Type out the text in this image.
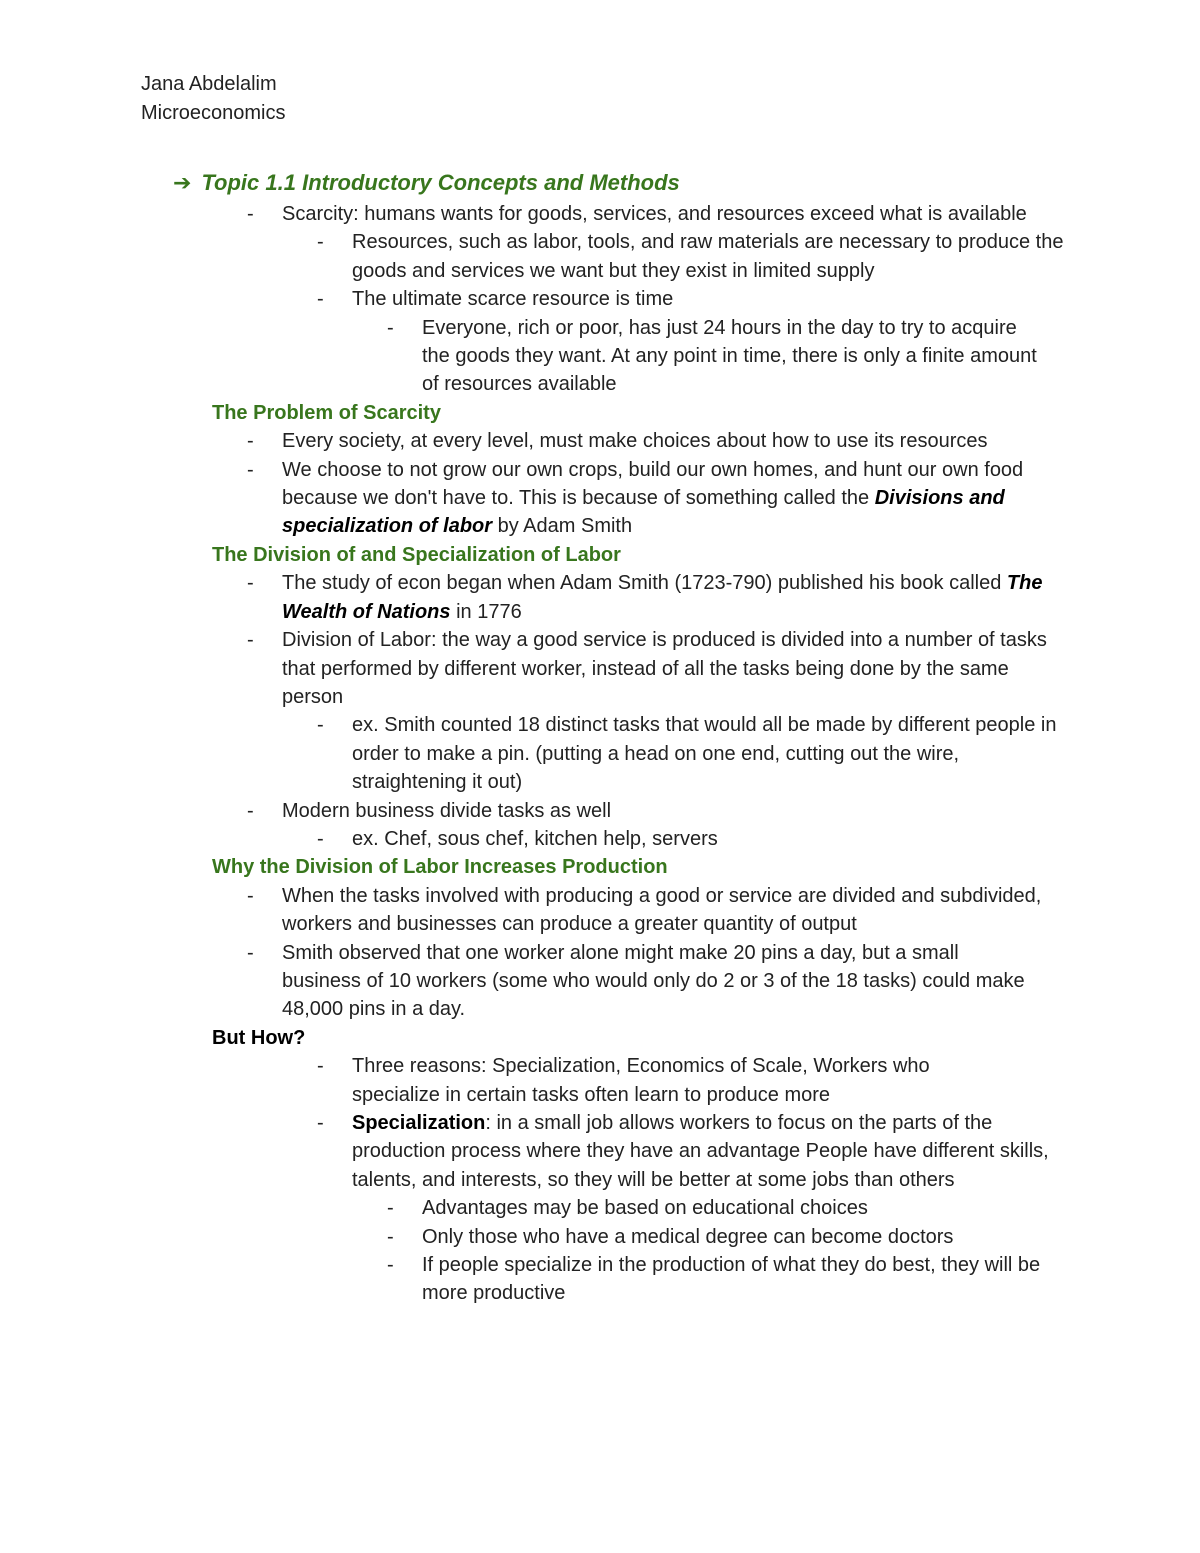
Jana Abdelalim
Microeconomics
➔ Topic 1.1 Introductory Concepts and Methods
- Scarcity: humans wants for goods, services, and resources exceed what is available
- Resources, such as labor, tools, and raw materials are necessary to produce the goods and services we want but they exist in limited supply
- The ultimate scarce resource is time
- Everyone, rich or poor, has just 24 hours in the day to try to acquire the goods they want. At any point in time, there is only a finite amount of resources available
The Problem of Scarcity
- Every society, at every level, must make choices about how to use its resources
- We choose to not grow our own crops, build our own homes, and hunt our own food because we don't have to. This is because of something called the Divisions and specialization of labor by Adam Smith
The Division of and Specialization of Labor
- The study of econ began when Adam Smith (1723-790) published his book called The Wealth of Nations in 1776
- Division of Labor: the way a good service is produced is divided into a number of tasks that performed by different worker, instead of all the tasks being done by the same person
- ex. Smith counted 18 distinct tasks that would all be made by different people in order to make a pin. (putting a head on one end, cutting out the wire, straightening it out)
- Modern business divide tasks as well
- ex. Chef, sous chef, kitchen help, servers
Why the Division of Labor Increases Production
- When the tasks involved with producing a good or service are divided and subdivided, workers and businesses can produce a greater quantity of output
- Smith observed that one worker alone might make 20 pins a day, but a small business of 10 workers (some who would only do 2 or 3 of the 18 tasks) could make 48,000 pins in a day.
But How?
- Three reasons: Specialization, Economics of Scale, Workers who specialize in certain tasks often learn to produce more
- Specialization: in a small job allows workers to focus on the parts of the production process where they have an advantage People have different skills, talents, and interests, so they will be better at some jobs than others
- Advantages may be based on educational choices
- Only those who have a medical degree can become doctors
- If people specialize in the production of what they do best, they will be more productive
